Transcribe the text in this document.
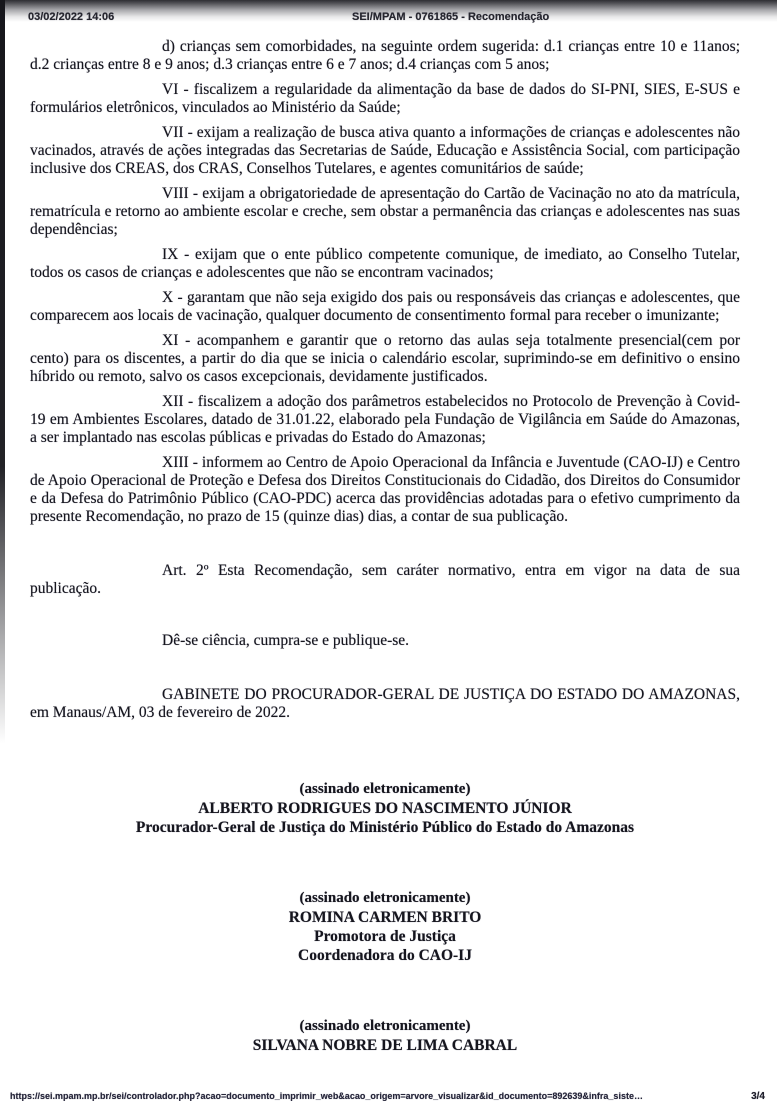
03/02/2022 14:06	SEI/MPAM - 0761865 - Recomendação

d) crianças sem comorbidades, na seguinte ordem sugerida: d.1 crianças entre 10 e 11anos; d.2 crianças entre 8 e 9 anos; d.3 crianças entre 6 e 7 anos; d.4 crianças com 5 anos;

VI - fiscalizem a regularidade da alimentação da base de dados do SI-PNI, SIES, E-SUS e formulários eletrônicos, vinculados ao Ministério da Saúde;

VII - exijam a realização de busca ativa quanto a informações de crianças e adolescentes não vacinados, através de ações integradas das Secretarias de Saúde, Educação e Assistência Social, com participação inclusive dos CREAS, dos CRAS, Conselhos Tutelares, e agentes comunitários de saúde;

VIII - exijam a obrigatoriedade de apresentação do Cartão de Vacinação no ato da matrícula, rematrícula e retorno ao ambiente escolar e creche, sem obstar a permanência das crianças e adolescentes nas suas dependências;

IX - exijam que o ente público competente comunique, de imediato, ao Conselho Tutelar, todos os casos de crianças e adolescentes que não se encontram vacinados;

X - garantam que não seja exigido dos pais ou responsáveis das crianças e adolescentes, que comparecem aos locais de vacinação, qualquer documento de consentimento formal para receber o imunizante;

XI - acompanhem e garantir que o retorno das aulas seja totalmente presencial(cem por cento) para os discentes, a partir do dia que se inicia o calendário escolar, suprimindo-se em definitivo o ensino híbrido ou remoto, salvo os casos excepcionais, devidamente justificados.

XII - fiscalizem a adoção dos parâmetros estabelecidos no Protocolo de Prevenção à Covid-19 em Ambientes Escolares, datado de 31.01.22, elaborado pela Fundação de Vigilância em Saúde do Amazonas, a ser implantado nas escolas públicas e privadas do Estado do Amazonas;

XIII - informem ao Centro de Apoio Operacional da Infância e Juventude (CAO-IJ) e Centro de Apoio Operacional de Proteção e Defesa dos Direitos Constitucionais do Cidadão, dos Direitos do Consumidor e da Defesa do Patrimônio Público (CAO-PDC) acerca das providências adotadas para o efetivo cumprimento da presente Recomendação, no prazo de 15 (quinze dias) dias, a contar de sua publicação.

Art. 2º Esta Recomendação, sem caráter normativo, entra em vigor na data de sua publicação.

Dê-se ciência, cumpra-se e publique-se.

GABINETE DO PROCURADOR-GERAL DE JUSTIÇA DO ESTADO DO AMAZONAS, em Manaus/AM, 03 de fevereiro de 2022.

(assinado eletronicamente)
ALBERTO RODRIGUES DO NASCIMENTO JÚNIOR
Procurador-Geral de Justiça do Ministério Público do Estado do Amazonas
(assinado eletronicamente)
ROMINA CARMEN BRITO
Promotora de Justiça
Coordenadora do CAO-IJ
(assinado eletronicamente)
SILVANA NOBRE DE LIMA CABRAL
https://sei.mpam.mp.br/sei/controlador.php?acao=documento_imprimir_web&acao_origem=arvore_visualizar&id_documento=892639&infra_siste…	3/4
